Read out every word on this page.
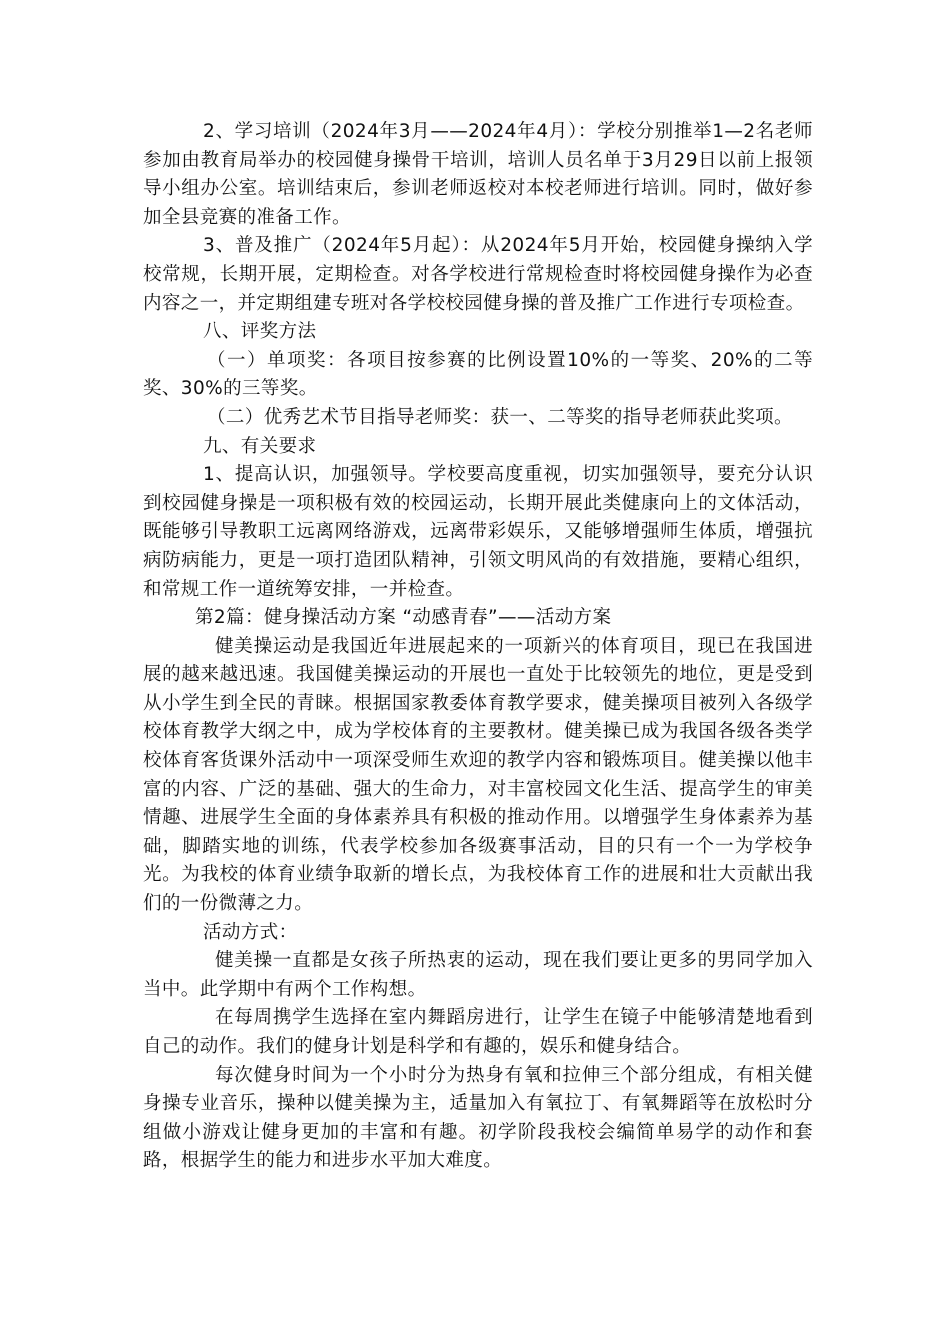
2、学习培训（2024年3月——2024年4月）：学校分别推举1—2名老师参加由教育局举办的校园健身操骨干培训，培训人员名单于3月29日以前上报领导小组办公室。培训结束后，参训老师返校对本校老师进行培训。同时，做好参加全县竞赛的准备工作。

3、普及推广（2024年5月起）：从2024年5月开始，校园健身操纳入学校常规，长期开展，定期检查。对各学校进行常规检查时将校园健身操作为必查内容之一，并定期组建专班对各学校校园健身操的普及推广工作进行专项检查。

八、评奖方法

（一）单项奖：各项目按参赛的比例设置10%的一等奖、20%的二等奖、30%的三等奖。

（二）优秀艺术节目指导老师奖：获一、二等奖的指导老师获此奖项。

九、有关要求

1、提高认识，加强领导。学校要高度重视，切实加强领导，要充分认识到校园健身操是一项积极有效的校园运动，长期开展此类健康向上的文体活动，既能够引导教职工远离网络游戏，远离带彩娱乐，又能够增强师生体质，增强抗病防病能力，更是一项打造团队精神，引领文明风尚的有效措施，要精心组织，和常规工作一道统筹安排，一并检查。

第2篇：健身操活动方案 “动感青春”——活动方案

健美操运动是我国近年进展起来的一项新兴的体育项目，现已在我国进展的越来越迅速。我国健美操运动的开展也一直处于比较领先的地位，更是受到从小学生到全民的青睐。根据国家教委体育教学要求，健美操项目被列入各级学校体育教学大纲之中，成为学校体育的主要教材。健美操已成为我国各级各类学校体育客货课外活动中一项深受师生欢迎的教学内容和锻炼项目。健美操以他丰富的内容、广泛的基础、强大的生命力，对丰富校园文化生活、提高学生的审美情趣、进展学生全面的身体素养具有积极的推动作用。以增强学生身体素养为基础，脚踏实地的训练，代表学校参加各级赛事活动，目的只有一个一为学校争光。为我校的体育业绩争取新的增长点，为我校体育工作的进展和壮大贡献出我们的一份微薄之力。

活动方式：

健美操一直都是女孩子所热衷的运动，现在我们要让更多的男同学加入当中。此学期中有两个工作构想。

在每周携学生选择在室内舞蹈房进行，让学生在镜子中能够清楚地看到自己的动作。我们的健身计划是科学和有趣的，娱乐和健身结合。

每次健身时间为一个小时分为热身有氧和拉伸三个部分组成，有相关健身操专业音乐，操种以健美操为主，适量加入有氧拉丁、有氧舞蹈等在放松时分组做小游戏让健身更加的丰富和有趣。初学阶段我校会编简单易学的动作和套路，根据学生的能力和进步水平加大难度。
